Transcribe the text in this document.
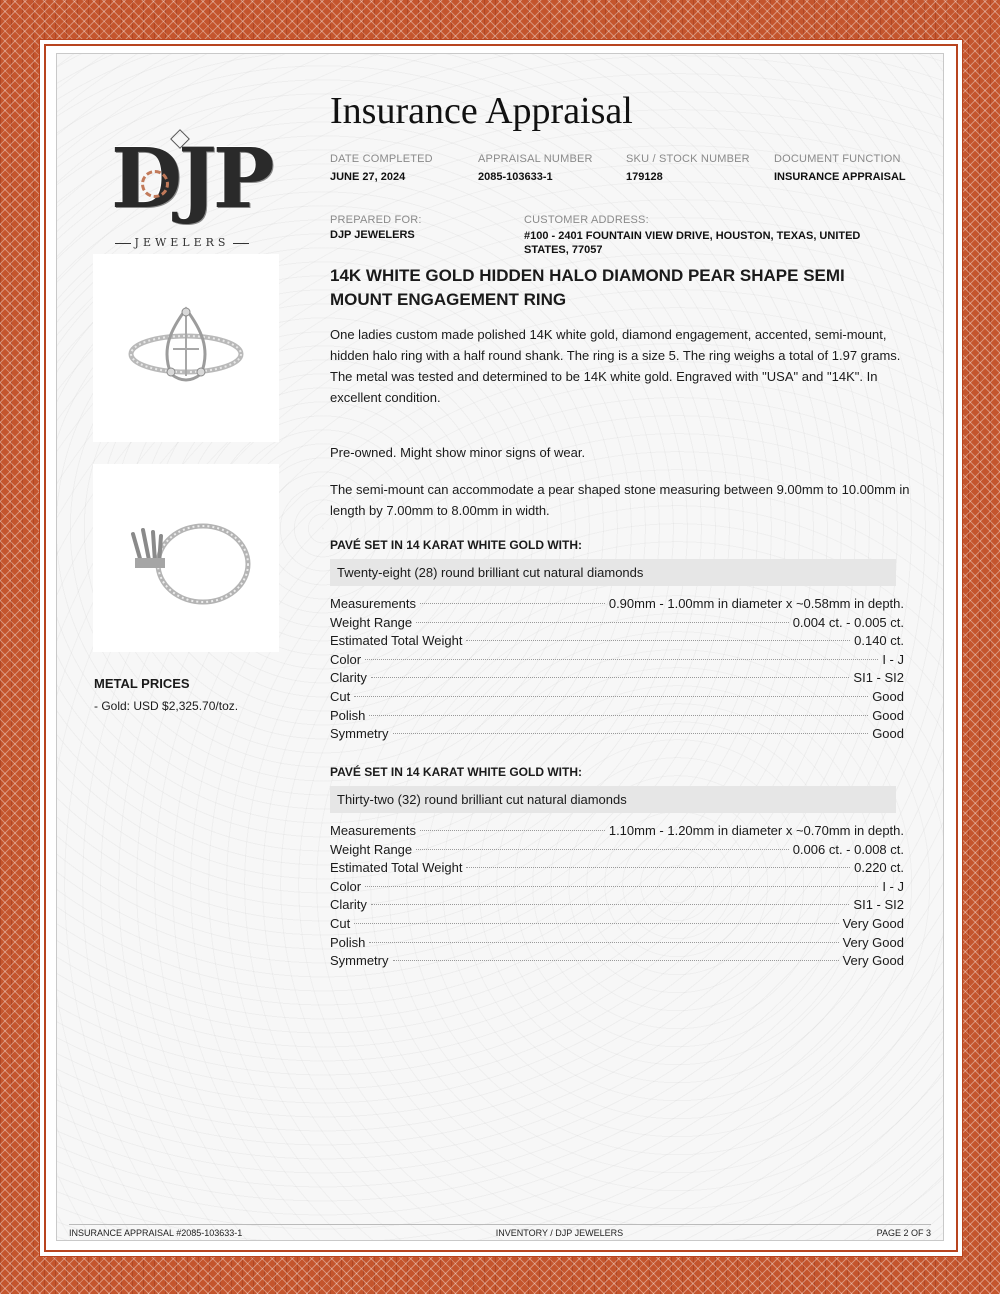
DJP
JEWELERS
Insurance Appraisal
DATE COMPLETED
JUNE 27, 2024
APPRAISAL NUMBER
2085-103633-1
SKU / STOCK NUMBER
179128
DOCUMENT FUNCTION
INSURANCE APPRAISAL
PREPARED FOR:
DJP JEWELERS
CUSTOMER ADDRESS:
#100 - 2401 FOUNTAIN VIEW DRIVE, HOUSTON, TEXAS, UNITED STATES, 77057
METAL PRICES
- Gold: USD $2,325.70/toz.
14K WHITE GOLD HIDDEN HALO DIAMOND PEAR SHAPE SEMI MOUNT ENGAGEMENT RING

One ladies custom made polished 14K white gold, diamond engagement, accented, semi-mount, hidden halo ring with a half round shank. The ring is a size 5. The ring weighs a total of 1.97 grams. The metal was tested and determined to be 14K white gold. Engraved with "USA" and "14K". In excellent condition.

Pre-owned. Might show minor signs of wear.

The semi-mount can accommodate a pear shaped stone measuring between 9.00mm to 10.00mm in length by 7.00mm to 8.00mm in width.

PAVÉ SET IN 14 KARAT WHITE GOLD WITH:
Twenty-eight (28) round brilliant cut natural diamonds
Measurements	0.90mm - 1.00mm in diameter x ~0.58mm in depth.
Weight Range	0.004 ct. - 0.005 ct.
Estimated Total Weight	0.140 ct.
Color	I - J
Clarity	SI1 - SI2
Cut	Good
Polish	Good
Symmetry	Good
PAVÉ SET IN 14 KARAT WHITE GOLD WITH:
Thirty-two (32) round brilliant cut natural diamonds
Measurements	1.10mm - 1.20mm in diameter x ~0.70mm in depth.
Weight Range	0.006 ct. - 0.008 ct.
Estimated Total Weight	0.220 ct.
Color	I - J
Clarity	SI1 - SI2
Cut	Very Good
Polish	Very Good
Symmetry	Very Good
INSURANCE APPRAISAL #2085-103633-1	INVENTORY / DJP JEWELERS	PAGE 2 OF 3
